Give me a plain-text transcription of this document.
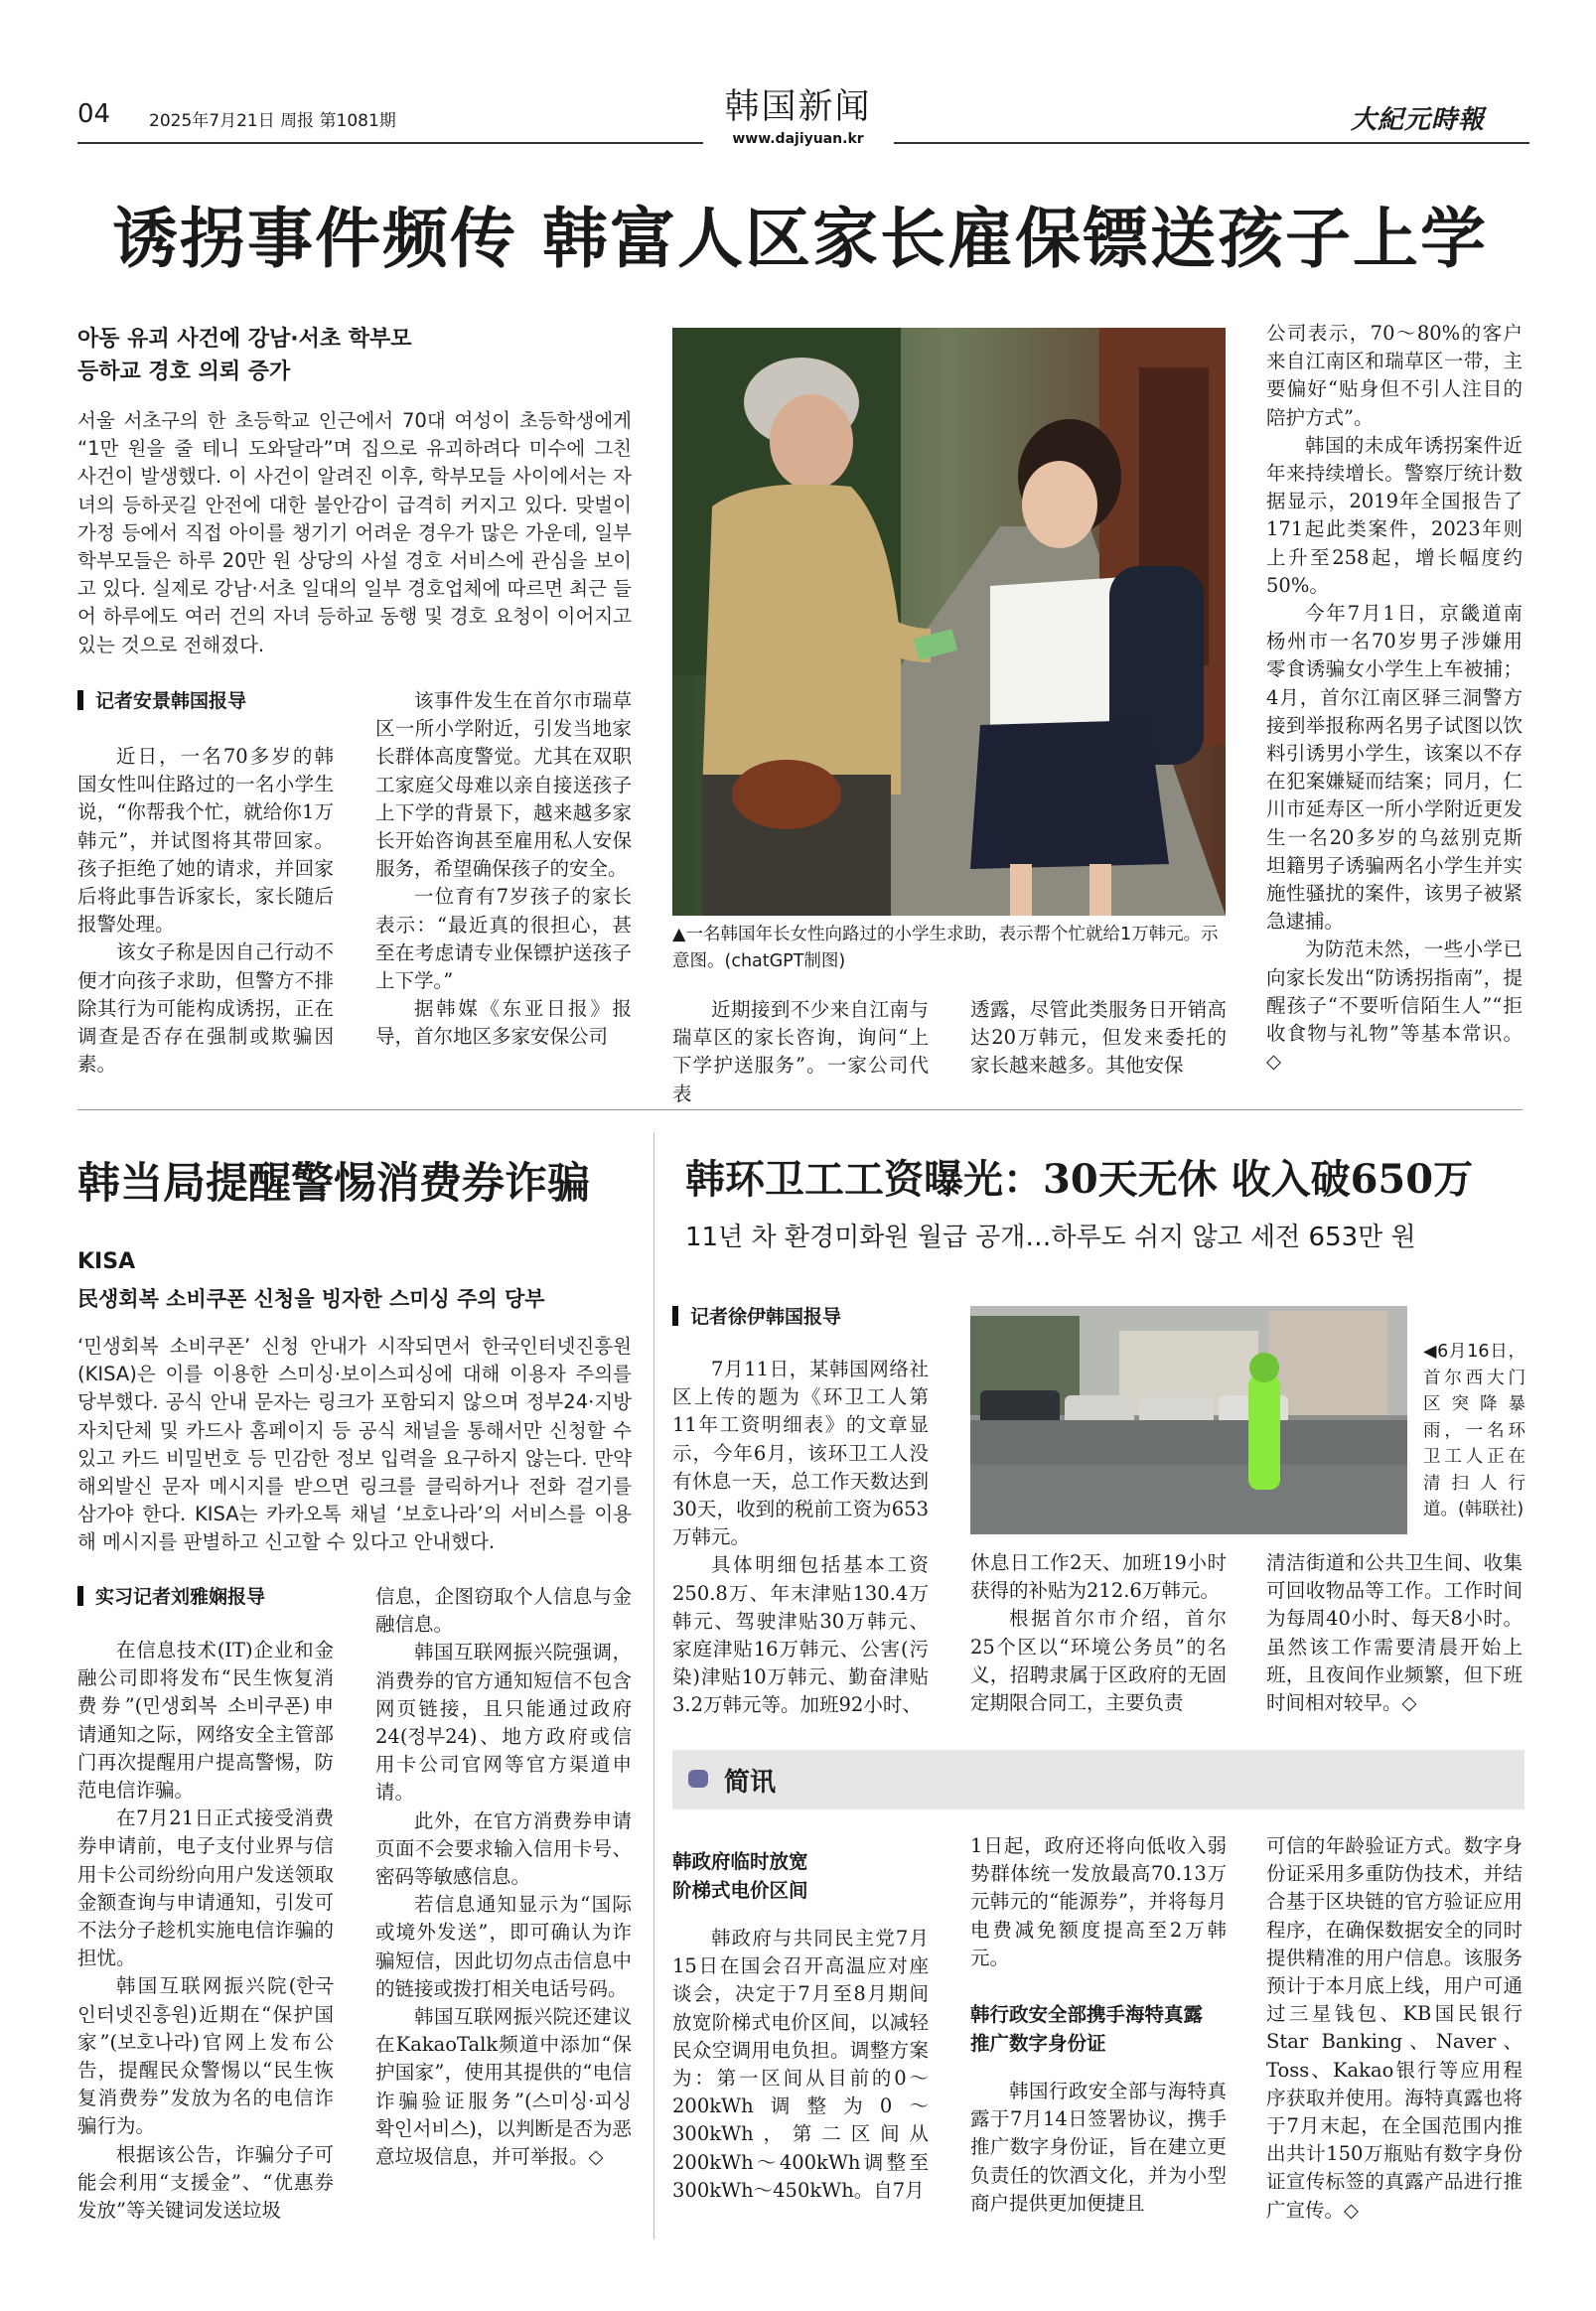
04 2025年7月21日 周报 第1081期	韩国新闻
www.dajiyuan.kr
大紀元時報
诱拐事件频传 韩富人区家长雇保镖送孩子上学
아동 유괴 사건에 강남·서초 학부모
등하교 경호 의뢰 증가
서울 서초구의 한 초등학교 인근에서 70대 여성이 초등학생에게 “1만 원을 줄 테니 도와달라”며 집으로 유괴하려다 미수에 그친 사건이 발생했다. 이 사건이 알려진 이후, 학부모들 사이에서는 자녀의 등하굣길 안전에 대한 불안감이 급격히 커지고 있다. 맞벌이 가정 등에서 직접 아이를 챙기기 어려운 경우가 많은 가운데, 일부 학부모들은 하루 20만 원 상당의 사설 경호 서비스에 관심을 보이고 있다. 실제로 강남·서초 일대의 일부 경호업체에 따르면 최근 들어 하루에도 여러 건의 자녀 등하교 동행 및 경호 요청이 이어지고 있는 것으로 전해졌다.
记者安景韩国报导

近日，一名70多岁的韩国女性叫住路过的一名小学生说，“你帮我个忙，就给你1万韩元”，并试图将其带回家。孩子拒绝了她的请求，并回家后将此事告诉家长，家长随后报警处理。

该女子称是因自己行动不便才向孩子求助，但警方不排除其行为可能构成诱拐，正在调查是否存在强制或欺骗因素。

该事件发生在首尔市瑞草区一所小学附近，引发当地家长群体高度警觉。尤其在双职工家庭父母难以亲自接送孩子上下学的背景下，越来越多家长开始咨询甚至雇用私人安保服务，希望确保孩子的安全。

一位育有7岁孩子的家长表示：“最近真的很担心，甚至在考虑请专业保镖护送孩子上下学。”

据韩媒《东亚日报》报导，首尔地区多家安保公司

▲一名韩国年长女性向路过的小学生求助，表示帮个忙就给1万韩元。示意图。(chatGPT制图)

近期接到不少来自江南与瑞草区的家长咨询，询问“上下学护送服务”。一家公司代表

透露，尽管此类服务日开销高达20万韩元，但发来委托的家长越来越多。其他安保

公司表示，70～80%的客户来自江南区和瑞草区一带，主要偏好“贴身但不引人注目的陪护方式”。

韩国的未成年诱拐案件近年来持续增长。警察厅统计数据显示，2019年全国报告了171起此类案件，2023年则上升至258起，增长幅度约50%。

今年7月1日，京畿道南杨州市一名70岁男子涉嫌用零食诱骗女小学生上车被捕；4月，首尔江南区驿三洞警方接到举报称两名男子试图以饮料引诱男小学生，该案以不存在犯案嫌疑而结案；同月，仁川市延寿区一所小学附近更发生一名20多岁的乌兹别克斯坦籍男子诱骗两名小学生并实施性骚扰的案件，该男子被紧急逮捕。

为防范未然，一些小学已向家长发出“防诱拐指南”，提醒孩子“不要听信陌生人”“拒收食物与礼物”等基本常识。◇

韩当局提醒警惕消费券诈骗
KISA
民생회복 소비쿠폰 신청을 빙자한 스미싱 주의 당부
‘민생회복 소비쿠폰’ 신청 안내가 시작되면서 한국인터넷진흥원(KISA)은 이를 이용한 스미싱·보이스피싱에 대해 이용자 주의를 당부했다. 공식 안내 문자는 링크가 포함되지 않으며 정부24·지방자치단체 및 카드사 홈페이지 등 공식 채널을 통해서만 신청할 수 있고 카드 비밀번호 등 민감한 정보 입력을 요구하지 않는다. 만약 해외발신 문자 메시지를 받으면 링크를 클릭하거나 전화 걸기를 삼가야 한다. KISA는 카카오톡 채널 ‘보호나라’의 서비스를 이용해 메시지를 판별하고 신고할 수 있다고 안내했다.
实习记者刘雅娴报导

在信息技术(IT)企业和金融公司即将发布“民生恢复消费券”(민생회복 소비쿠폰)申请通知之际，网络安全主管部门再次提醒用户提高警惕，防范电信诈骗。

在7月21日正式接受消费券申请前，电子支付业界与信用卡公司纷纷向用户发送领取金额查询与申请通知，引发可不法分子趁机实施电信诈骗的担忧。

韩国互联网振兴院(한국인터넷진흥원)近期在“保护国家”(보호나라)官网上发布公告，提醒民众警惕以“民生恢复消费券”发放为名的电信诈骗行为。

根据该公告，诈骗分子可能会利用“支援金”、“优惠券发放”等关键词发送垃圾

信息，企图窃取个人信息与金融信息。

韩国互联网振兴院强调，消费券的官方通知短信不包含网页链接，且只能通过政府24(정부24)、地方政府或信用卡公司官网等官方渠道申请。

此外，在官方消费券申请页面不会要求输入信用卡号、密码等敏感信息。

若信息通知显示为“国际或境外发送”，即可确认为诈骗短信，因此切勿点击信息中的链接或拨打相关电话号码。

韩国互联网振兴院还建议在KakaoTalk频道中添加“保护国家”，使用其提供的“电信诈骗验证服务”(스미싱·피싱 확인서비스)，以判断是否为恶意垃圾信息，并可举报。◇

韩环卫工工资曝光：30天无休 收入破650万
11년 차 환경미화원 월급 공개…하루도 쉬지 않고 세전 653만 원
记者徐伊韩国报导

7月11日，某韩国网络社区上传的题为《环卫工人第11年工资明细表》的文章显示，今年6月，该环卫工人没有休息一天，总工作天数达到30天，收到的税前工资为653万韩元。

具体明细包括基本工资250.8万、年末津贴130.4万韩元、驾驶津贴30万韩元、家庭津贴16万韩元、公害(污染)津贴10万韩元、勤奋津贴3.2万韩元等。加班92小时、

◀6月16日，首尔西大门区突降暴雨，一名环卫工人正在清扫人行道。(韩联社)

休息日工作2天、加班19小时获得的补贴为212.6万韩元。

根据首尔市介绍，首尔25个区以“环境公务员”的名义，招聘隶属于区政府的无固定期限合同工，主要负责

清洁街道和公共卫生间、收集可回收物品等工作。工作时间为每周40小时、每天8小时。虽然该工作需要清晨开始上班，且夜间作业频繁，但下班时间相对较早。◇

简讯
韩政府临时放宽
阶梯式电价区间

韩政府与共同民主党7月15日在国会召开高温应对座谈会，决定于7月至8月期间放宽阶梯式电价区间，以减轻民众空调用电负担。调整方案为：第一区间从目前的0～200kWh调整为0～300kWh，第二区间从200kWh～400kWh调整至300kWh～450kWh。自7月

1日起，政府还将向低收入弱势群体统一发放最高70.13万元韩元的“能源券”，并将每月电费减免额度提高至2万韩元。

韩行政安全部携手海特真露
推广数字身份证

韩国行政安全部与海特真露于7月14日签署协议，携手推广数字身份证，旨在建立更负责任的饮酒文化，并为小型商户提供更加便捷且

可信的年龄验证方式。数字身份证采用多重防伪技术，并结合基于区块链的官方验证应用程序，在确保数据安全的同时提供精准的用户信息。该服务预计于本月底上线，用户可通过三星钱包、KB国民银行Star Banking、Naver、Toss、Kakao银行等应用程序获取并使用。海特真露也将于7月末起，在全国范围内推出共计150万瓶贴有数字身份证宣传标签的真露产品进行推广宣传。◇
